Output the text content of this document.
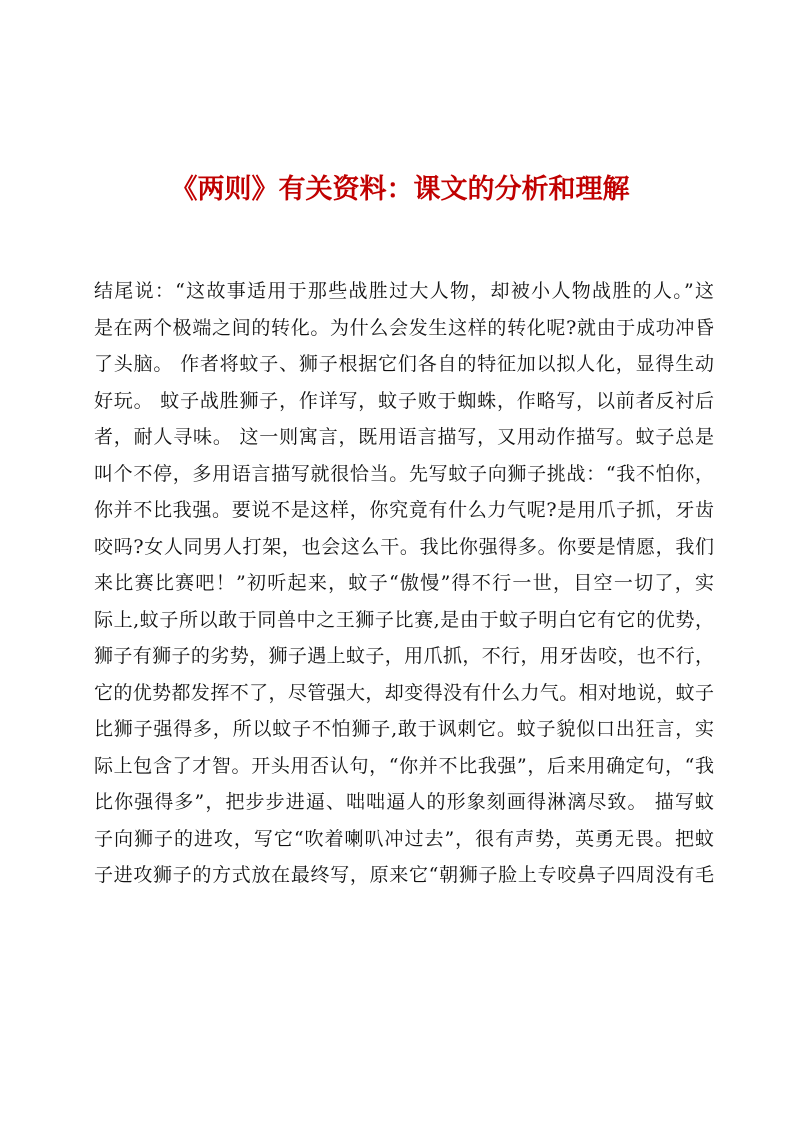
《两则》有关资料：课文的分析和理解
结尾说：“这故事适用于那些战胜过大人物，却被小人物战胜的人。”这
是在两个极端之间的转化。为什么会发生这样的转化呢?就由于成功冲昏
了头脑。 作者将蚊子、狮子根据它们各自的特征加以拟人化，显得生动
好玩。 蚊子战胜狮子，作详写，蚊子败于蜘蛛，作略写，以前者反衬后
者，耐人寻味。 这一则寓言，既用语言描写，又用动作描写。蚊子总是
叫个不停，多用语言描写就很恰当。先写蚊子向狮子挑战：“我不怕你，
你并不比我强。要说不是这样，你究竟有什么力气呢?是用爪子抓，牙齿
咬吗?女人同男人打架，也会这么干。我比你强得多。你要是情愿，我们
来比赛比赛吧！”初听起来，蚊子“傲慢”得不行一世，目空一切了，实
际上,蚊子所以敢于同兽中之王狮子比赛,是由于蚊子明白它有它的优势，
狮子有狮子的劣势，狮子遇上蚊子，用爪抓，不行，用牙齿咬，也不行，
它的优势都发挥不了，尽管强大，却变得没有什么力气。相对地说，蚊子
比狮子强得多，所以蚊子不怕狮子,敢于讽刺它。蚊子貌似口出狂言，实
际上包含了才智。开头用否认句，“你并不比我强”，后来用确定句，“我
比你强得多”，把步步进逼、咄咄逼人的形象刻画得淋漓尽致。 描写蚊
子向狮子的进攻，写它“吹着喇叭冲过去”，很有声势，英勇无畏。把蚊
子进攻狮子的方式放在最终写，原来它“朝狮子脸上专咬鼻子四周没有毛
